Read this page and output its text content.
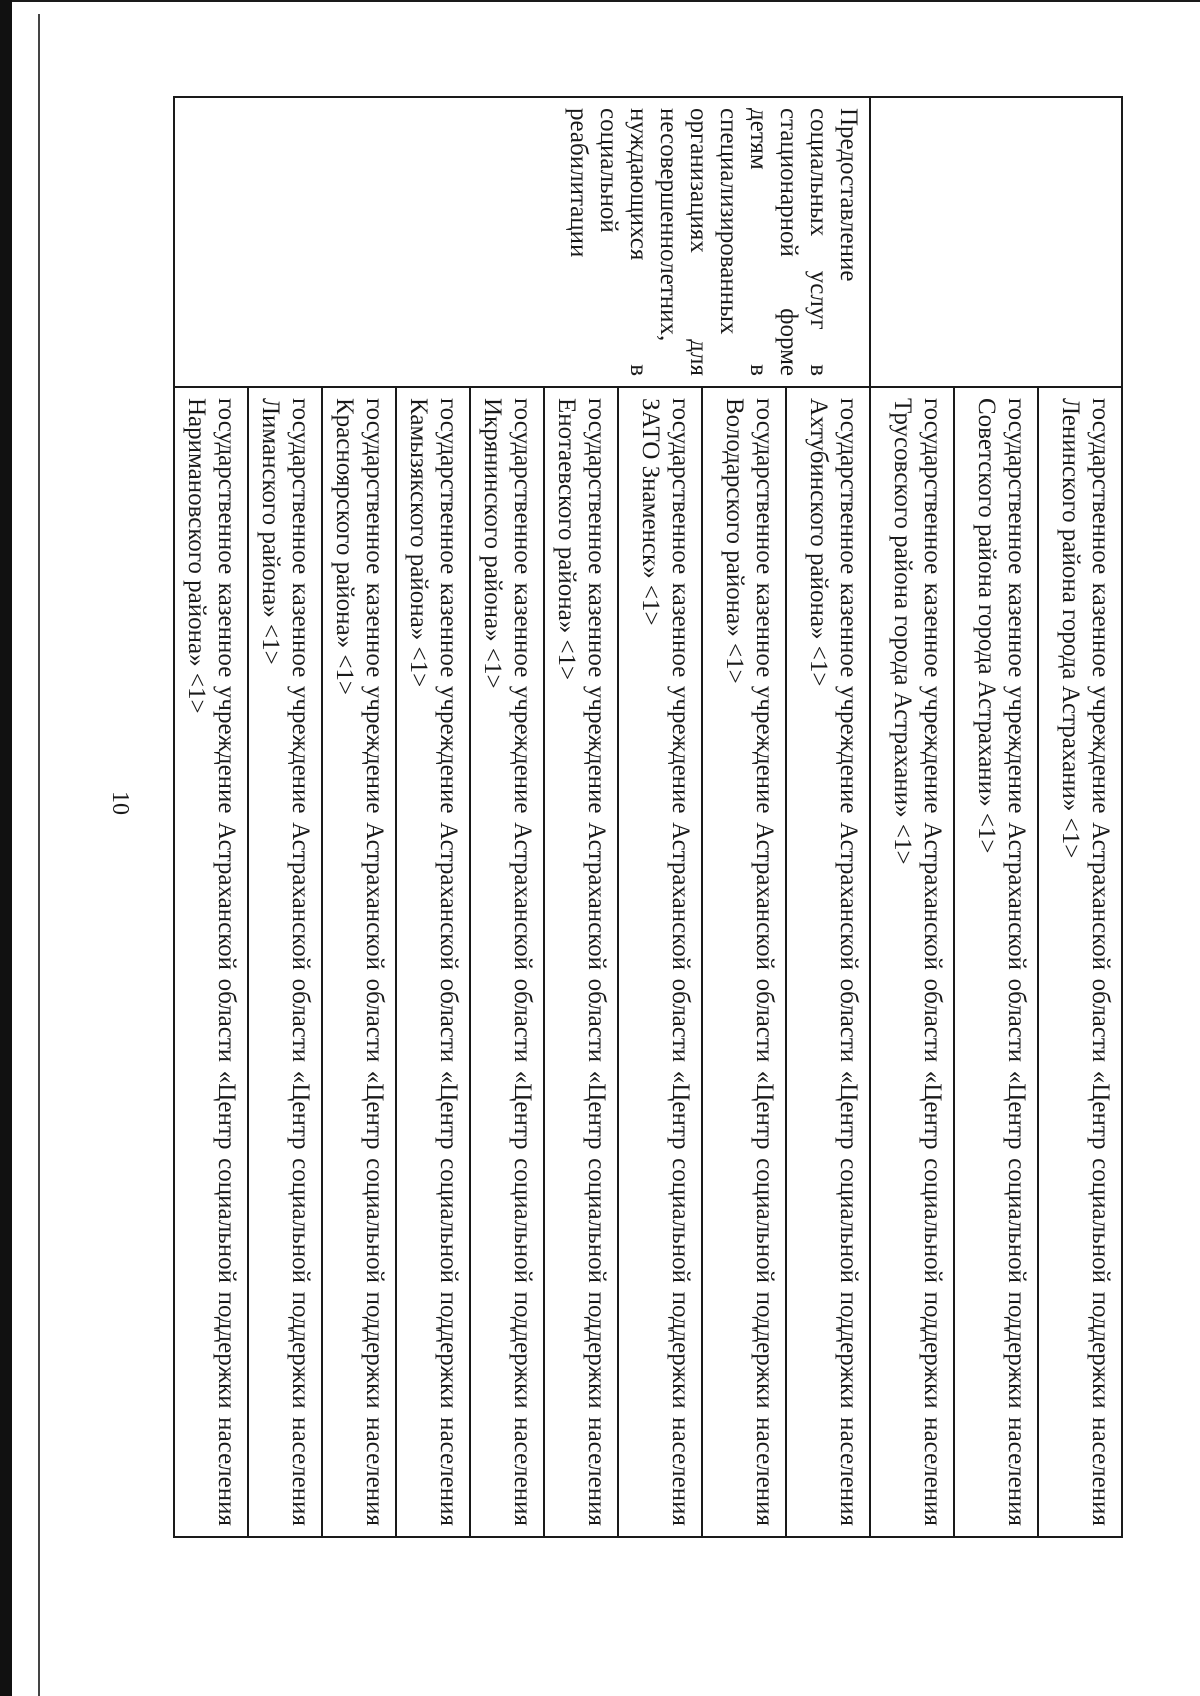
10

	государственное казенное учреждение Астраханской области «Центр социальной поддержки населения Ленинского района города Астрахани» <1>

	государственное казенное учреждение Астраханской области «Центр социальной поддержки населения Советского района города Астрахани» <1>

	государственное казенное учреждение Астраханской области «Центр социальной поддержки населения Трусовского района города Астрахани» <1>

Предоставление социальных услуг в стационарной форме детям в специализированных организациях для несовершеннолетних, нуждающихся в социальной реабилитации	государственное казенное учреждение Астраханской области «Центр социальной поддержки населения Ахтубинского района» <1>

	государственное казенное учреждение Астраханской области «Центр социальной поддержки населения Володарского района» <1>

	государственное казенное учреждение Астраханской области «Центр социальной поддержки населения ЗАТО Знаменск» <1>

	государственное казенное учреждение Астраханской области «Центр социальной поддержки населения Енотаевского района» <1>

	государственное казенное учреждение Астраханской области «Центр социальной поддержки населения Икрянинского района» <1>

	государственное казенное учреждение Астраханской области «Центр социальной поддержки населения Камызякского района» <1>

	государственное казенное учреждение Астраханской области «Центр социальной поддержки населения Красноярского района» <1>

	государственное казенное учреждение Астраханской области «Центр социальной поддержки населения Лиманского района» <1>

	государственное казенное учреждение Астраханской области «Центр социальной поддержки населения Наримановского района» <1>
